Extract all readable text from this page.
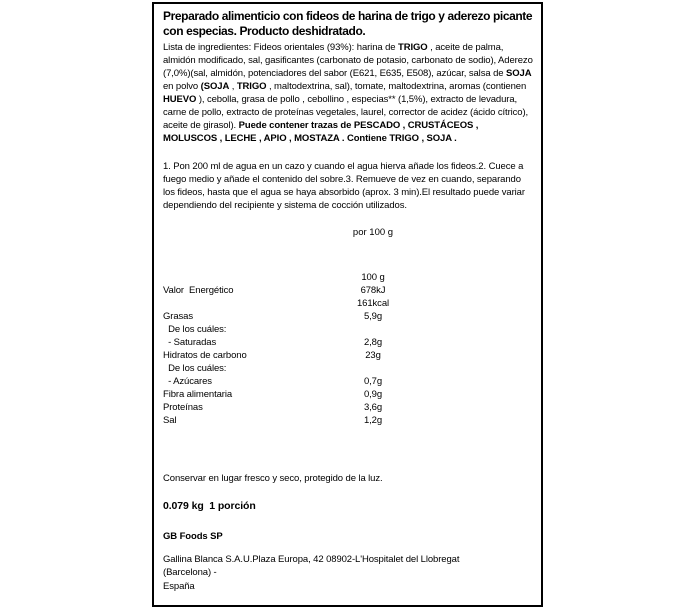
Preparado alimenticio con fideos de harina de trigo y aderezo picante con especias. Producto deshidratado.

Lista de ingredientes: Fideos orientales (93%): harina de TRIGO , aceite de palma, almidón modificado, sal, gasificantes (carbonato de potasio, carbonato de sodio), Aderezo (7,0%)(sal, almidón, potenciadores del sabor (E621, E635, E508), azúcar, salsa de SOJA en polvo (SOJA , TRIGO , maltodextrina, sal), tomate, maltodextrina, aromas (contienen HUEVO ), cebolla, grasa de pollo , cebollino , especias** (1,5%), extracto de levadura, carne de pollo, extracto de proteínas vegetales, laurel, corrector de acidez (ácido cítrico), aceite de girasol). Puede contener trazas de PESCADO , CRUSTÁCEOS , MOLUSCOS , LECHE , APIO , MOSTAZA . Contiene TRIGO , SOJA .

1. Pon 200 ml de agua en un cazo y cuando el agua hierva añade los fideos.2. Cuece a fuego medio y añade el contenido del sobre.3. Remueve de vez en cuando, separando los fideos, hasta que el agua se haya absorbido (aprox. 3 min).El resultado puede variar dependiendo del recipiente y sistema de cocción utilizados.

por 100 g
100 g
Valor  Energético	678kJ
161kcal
Grasas	5,9g
De los cuáles:
- Saturadas	2,8g
Hidratos de carbono	23g
De los cuáles:
- Azúcares	0,7g
Fibra alimentaria	0,9g
Proteínas	3,6g
Sal	1,2g

Conservar en lugar fresco y seco, protegido de la luz.

0.079 kg  1 porción

GB Foods SP

Gallina Blanca S.A.U.Plaza Europa, 42 08902-L'Hospitalet del Llobregat
(Barcelona) -
España
